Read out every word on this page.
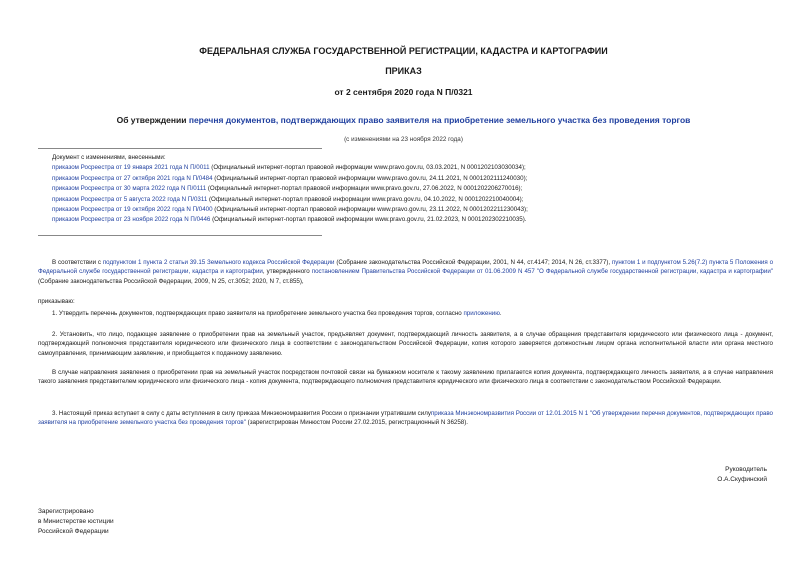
ФЕДЕРАЛЬНАЯ СЛУЖБА ГОСУДАРСТВЕННОЙ РЕГИСТРАЦИИ, КАДАСТРА И КАРТОГРАФИИ
ПРИКАЗ
от 2 сентября 2020 года N П/0321
Об утверждении перечня документов, подтверждающих право заявителя на приобретение земельного участка без проведения торгов
(с изменениями на 23 ноября 2022 года)
Документ с изменениями, внесенными:
приказом Росреестра от 19 января 2021 года N П/0011 (Официальный интернет-портал правовой информации www.pravo.gov.ru, 03.03.2021, N 0001202103030034);
приказом Росреестра от 27 октября 2021 года N П/0484 (Официальный интернет-портал правовой информации www.pravo.gov.ru, 24.11.2021, N 0001202111240030);
приказом Росреестра от 30 марта 2022 года N П/0111 (Официальный интернет-портал правовой информации www.pravo.gov.ru, 27.06.2022, N 0001202206270016);
приказом Росреестра от 5 августа 2022 года N П/0311 (Официальный интернет-портал правовой информации www.pravo.gov.ru, 04.10.2022, N 0001202210040004);
приказом Росреестра от 19 октября 2022 года N П/0400 (Официальный интернет-портал правовой информации www.pravo.gov.ru, 23.11.2022, N 0001202211230043);
приказом Росреестра от 23 ноября 2022 года N П/0446 (Официальный интернет-портал правовой информации www.pravo.gov.ru, 21.02.2023, N 0001202302210035).
В соответствии с подпунктом 1 пункта 2 статьи 39.15 Земельного кодекса Российской Федерации (Собрание законодательства Российской Федерации, 2001, N 44, ст.4147; 2014, N 26, ст.3377), пунктом 1 и подпунктом 5.26(7.2) пункта 5 Положения о Федеральной службе государственной регистрации, кадастра и картографии, утвержденного постановлением Правительства Российской Федерации от 01.06.2009 N 457 "О Федеральной службе государственной регистрации, кадастра и картографии" (Собрание законодательства Российской Федерации, 2009, N 25, ст.3052; 2020, N 7, ст.855),
приказываю:
1. Утвердить перечень документов, подтверждающих право заявителя на приобретение земельного участка без проведения торгов, согласно приложению.
2. Установить, что лицо, подающее заявление о приобретении прав на земельный участок, предъявляет документ, подтверждающий личность заявителя, а в случае обращения представителя юридического или физического лица - документ, подтверждающий полномочия представителя юридического или физического лица в соответствии с законодательством Российской Федерации, копия которого заверяется должностным лицом органа исполнительной власти или органа местного самоуправления, принимающим заявление, и приобщается к поданному заявлению.
В случае направления заявления о приобретении прав на земельный участок посредством почтовой связи на бумажном носителе к такому заявлению прилагается копия документа, подтверждающего личность заявителя, а в случае направления такого заявления представителем юридического или физического лица - копия документа, подтверждающего полномочия представителя юридического или физического лица в соответствии с законодательством Российской Федерации.
3. Настоящий приказ вступает в силу с даты вступления в силу приказа Минэкономразвития России о признании утратившим силуприказа Минэкономразвития России от 12.01.2015 N 1 "Об утверждении перечня документов, подтверждающих право заявителя на приобретение земельного участка без проведения торгов" (зарегистрирован Минюстом России 27.02.2015, регистрационный N 36258).
Руководитель
О.А.Скуфинский
Зарегистрировано
в Министерстве юстиции
Российской Федерации
